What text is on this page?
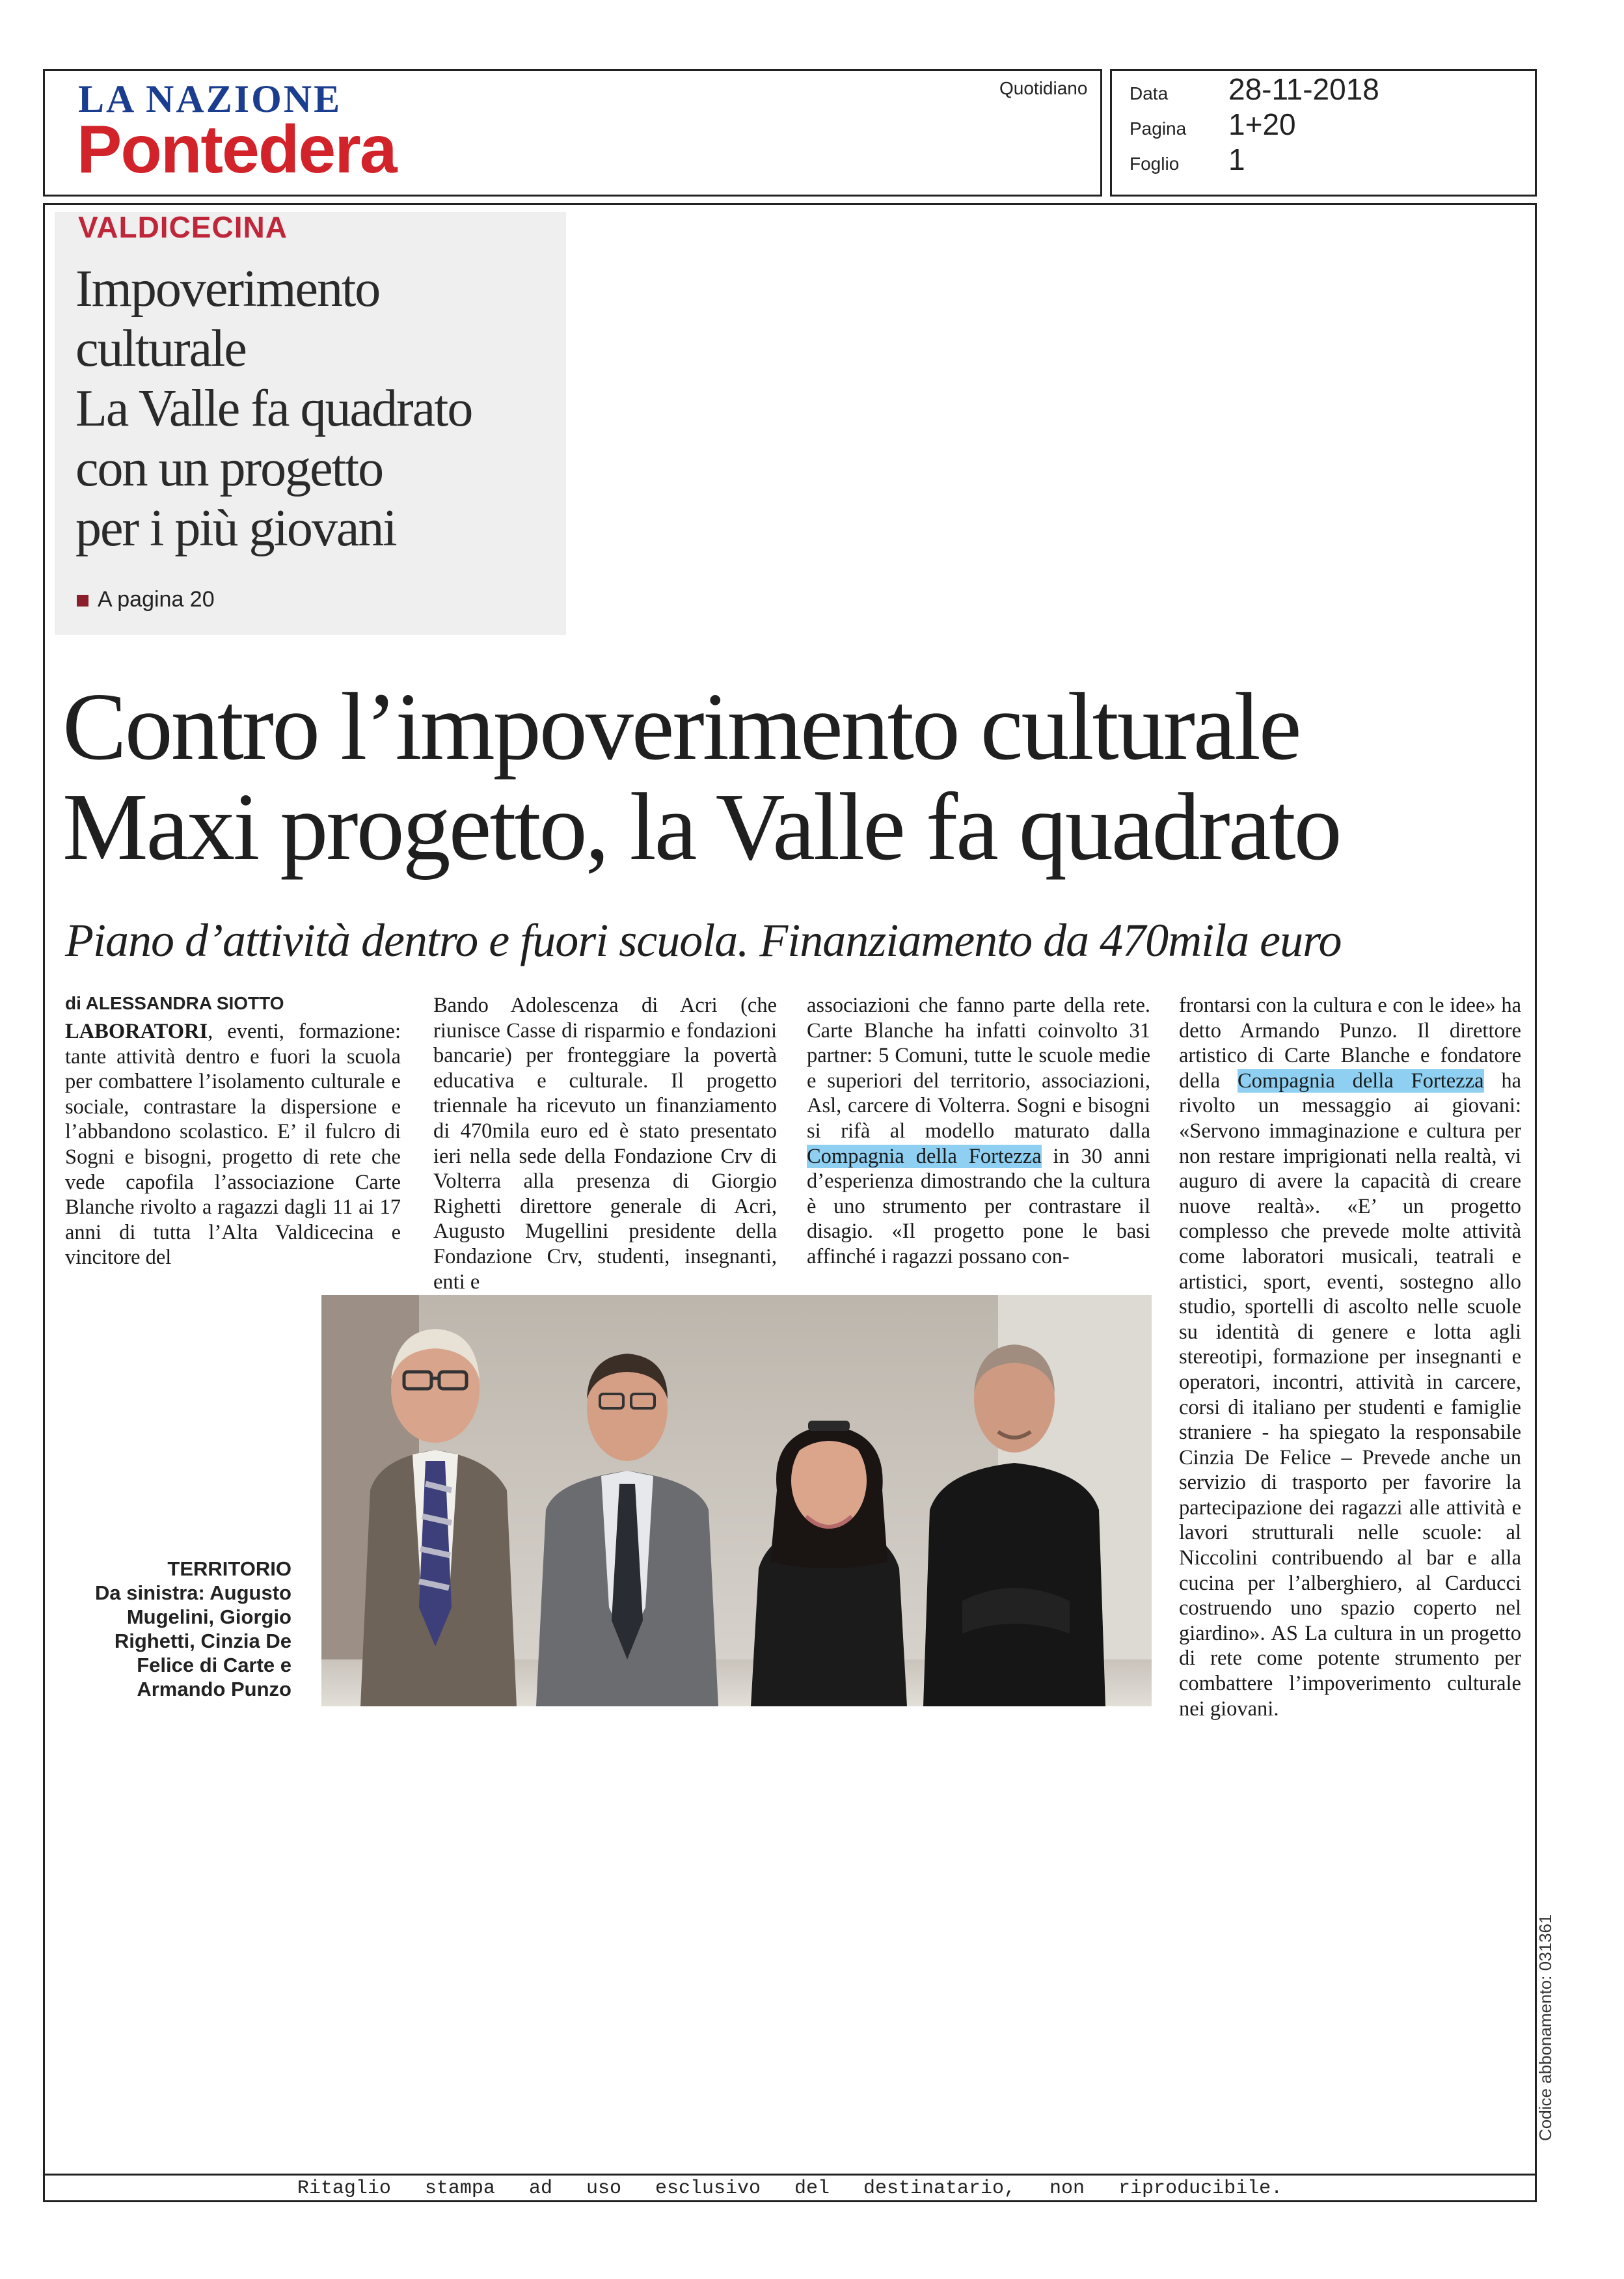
LA NAZIONE
Pontedera
Quotidiano Data 28-11-2018
Pagina 1+20
Foglio 1
VALDICECINA
Impoverimento
culturale
La Valle fa quadrato
con un progetto
per i più giovani
A pagina 20
Contro l’impoverimento culturale
Maxi progetto, la Valle fa quadrato
Piano d’attività dentro e fuori scuola. Finanziamento da 470mila euro
di ALESSANDRA SIOTTO
LABORATORI, eventi, formazione: tante attività dentro e fuori la scuola per combattere l’isolamento culturale e sociale, contrastare la dispersione e l’abbandono scolastico. E’ il fulcro di Sogni e bisogni, progetto di rete che vede capofila l’associazione Carte Blanche rivolto a ragazzi dagli 11 ai 17 anni di tutta l’Alta Valdicecina e vincitore del
Bando Adolescenza di Acri (che riunisce Casse di risparmio e fondazioni bancarie) per fronteggiare la povertà educativa e culturale. Il progetto triennale ha ricevuto un finanziamento di 470mila euro ed è stato presentato ieri nella sede della Fondazione Crv di Volterra alla presenza di Giorgio Righetti direttore generale di Acri, Augusto Mugellini presidente della Fondazione Crv, studenti, insegnanti, enti e
associazioni che fanno parte della rete. Carte Blanche ha infatti coinvolto 31 partner: 5 Comuni, tutte le scuole medie e superiori del territorio, associazioni, Asl, carcere di Volterra. Sogni e bisogni si rifà al modello maturato dalla Compagnia della Fortezza in 30 anni d’esperienza dimostrando che la cultura è uno strumento per contrastare il disagio. «Il progetto pone le basi affinché i ragazzi possano con-
frontarsi con la cultura e con le idee» ha detto Armando Punzo. Il direttore artistico di Carte Blanche e fondatore della Compagnia della Fortezza ha rivolto un messaggio ai giovani: «Servono immaginazione e cultura per non restare imprigionati nella realtà, vi auguro di avere la capacità di creare nuove realtà». «E’ un progetto complesso che prevede molte attività come laboratori musicali, teatrali e artistici, sport, eventi, sostegno allo studio, sportelli di ascolto nelle scuole su identità di genere e lotta agli stereotipi, formazione per insegnanti e operatori, incontri, attività in carcere, corsi di italiano per studenti e famiglie straniere - ha spiegato la responsabile Cinzia De Felice – Prevede anche un servizio di trasporto per favorire la partecipazione dei ragazzi alle attività e lavori strutturali nelle scuole: al Niccolini contribuendo al bar e alla cucina per l’alberghiero, al Carducci costruendo uno spazio coperto nel giardino». AS La cultura in un progetto di rete come potente strumento per combattere l’impoverimento culturale nei giovani.
TERRITORIO
Da sinistra: Augusto Mugelini, Giorgio Righetti, Cinzia De Felice di Carte e Armando Punzo
Ritaglio stampa ad uso esclusivo del destinatario, non riproducibile.
Codice abbonamento: 031361
